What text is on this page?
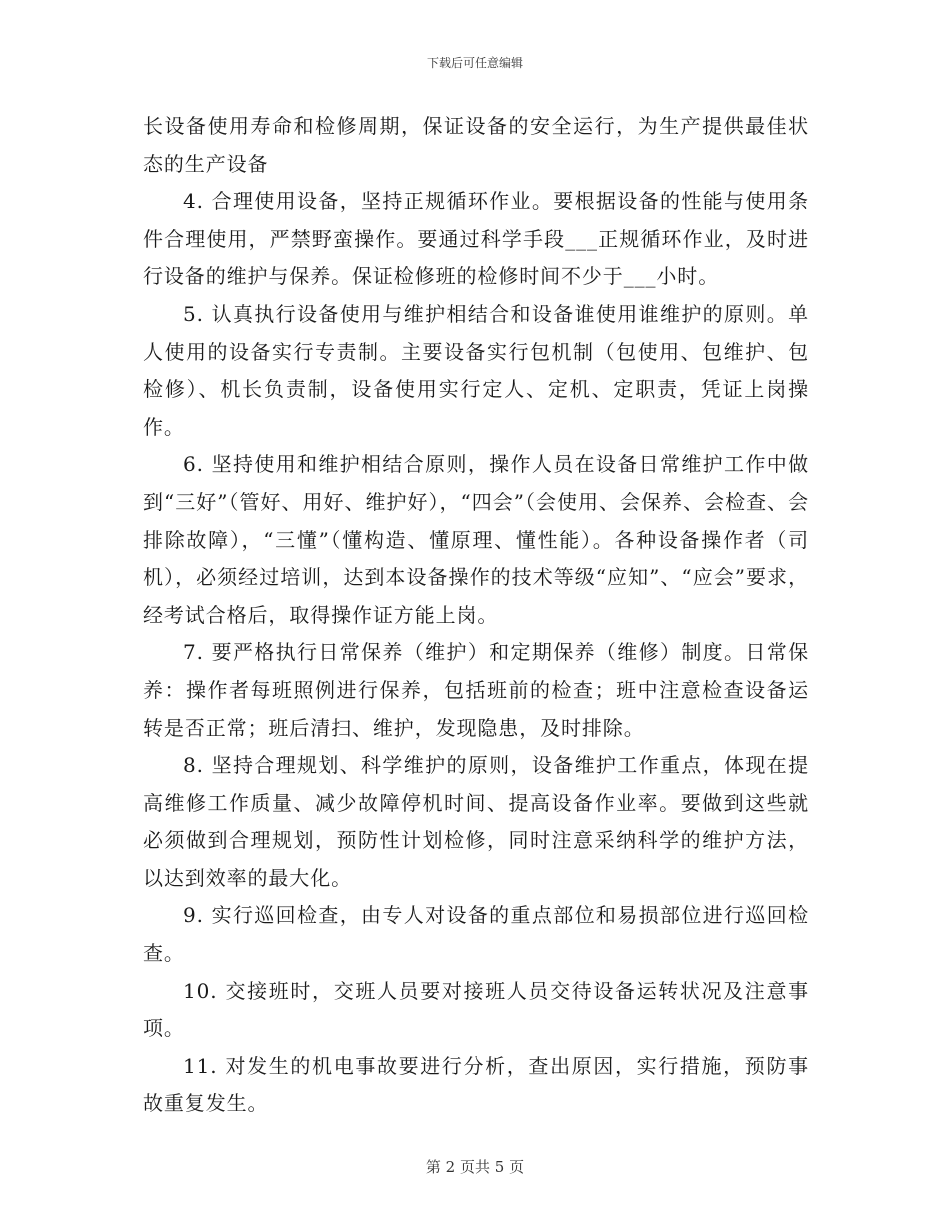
下载后可任意编辑

长设备使用寿命和检修周期，保证设备的安全运行，为生产提供最佳状态的生产设备

4. 合理使用设备，坚持正规循环作业。要根据设备的性能与使用条件合理使用，严禁野蛮操作。要通过科学手段___正规循环作业，及时进行设备的维护与保养。保证检修班的检修时间不少于___小时。

5. 认真执行设备使用与维护相结合和设备谁使用谁维护的原则。单人使用的设备实行专责制。主要设备实行包机制（包使用、包维护、包检修）、机长负责制，设备使用实行定人、定机、定职责，凭证上岗操作。

6. 坚持使用和维护相结合原则，操作人员在设备日常维护工作中做到“三好”（管好、用好、维护好），“四会”（会使用、会保养、会检查、会排除故障），“三懂”（懂构造、懂原理、懂性能）。各种设备操作者（司机），必须经过培训，达到本设备操作的技术等级“应知”、“应会”要求，经考试合格后，取得操作证方能上岗。

7. 要严格执行日常保养（维护）和定期保养（维修）制度。日常保养：操作者每班照例进行保养，包括班前的检查；班中注意检查设备运转是否正常；班后清扫、维护，发现隐患，及时排除。

8. 坚持合理规划、科学维护的原则，设备维护工作重点，体现在提高维修工作质量、减少故障停机时间、提高设备作业率。要做到这些就必须做到合理规划，预防性计划检修，同时注意采纳科学的维护方法，以达到效率的最大化。

9. 实行巡回检查，由专人对设备的重点部位和易损部位进行巡回检查。

10. 交接班时，交班人员要对接班人员交待设备运转状况及注意事项。

11. 对发生的机电事故要进行分析，查出原因，实行措施，预防事故重复发生。

第 2 页共 5 页
